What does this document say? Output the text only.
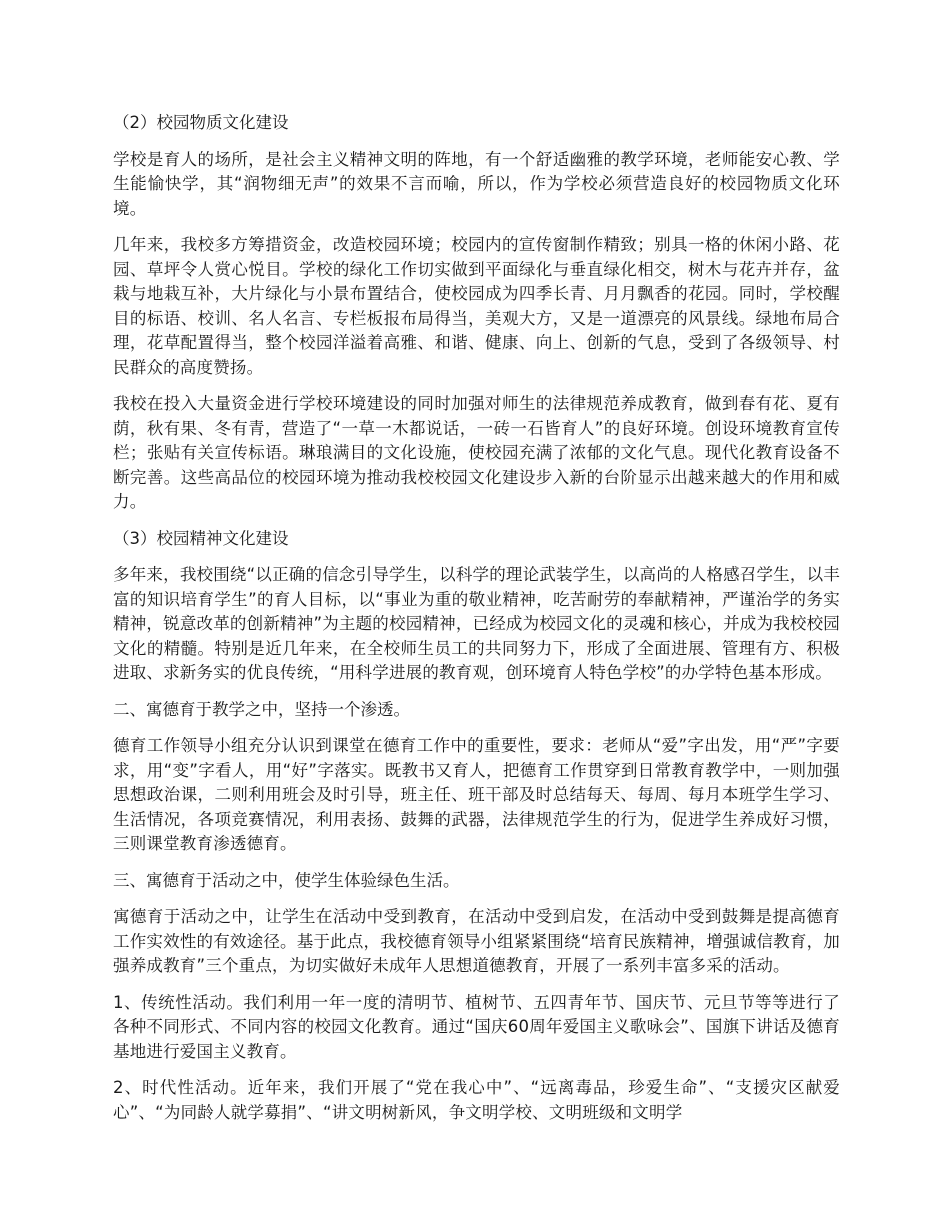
（2）校园物质文化建设

学校是育人的场所，是社会主义精神文明的阵地，有一个舒适幽雅的教学环境，老师能安心教、学生能愉快学，其“润物细无声”的效果不言而喻，所以，作为学校必须营造良好的校园物质文化环境。

几年来，我校多方筹措资金，改造校园环境；校园内的宣传窗制作精致；别具一格的休闲小路、花园、草坪令人赏心悦目。学校的绿化工作切实做到平面绿化与垂直绿化相交，树木与花卉并存，盆栽与地栽互补，大片绿化与小景布置结合，使校园成为四季长青、月月飘香的花园。同时，学校醒目的标语、校训、名人名言、专栏板报布局得当，美观大方，又是一道漂亮的风景线。绿地布局合理，花草配置得当，整个校园洋溢着高雅、和谐、健康、向上、创新的气息，受到了各级领导、村民群众的高度赞扬。

我校在投入大量资金进行学校环境建设的同时加强对师生的法律规范养成教育，做到春有花、夏有荫，秋有果、冬有青，营造了“一草一木都说话，一砖一石皆育人”的良好环境。创设环境教育宣传栏；张贴有关宣传标语。琳琅满目的文化设施，使校园充满了浓郁的文化气息。现代化教育设备不断完善。这些高品位的校园环境为推动我校校园文化建设步入新的台阶显示出越来越大的作用和威力。

（3）校园精神文化建设

多年来，我校围绕“以正确的信念引导学生，以科学的理论武装学生，以高尚的人格感召学生，以丰富的知识培育学生”的育人目标，以“事业为重的敬业精神，吃苦耐劳的奉献精神，严谨治学的务实精神，锐意改革的创新精神”为主题的校园精神，已经成为校园文化的灵魂和核心，并成为我校校园文化的精髓。特别是近几年来，在全校师生员工的共同努力下，形成了全面进展、管理有方、积极进取、求新务实的优良传统，“用科学进展的教育观，创环境育人特色学校”的办学特色基本形成。

二、寓德育于教学之中，坚持一个渗透。

德育工作领导小组充分认识到课堂在德育工作中的重要性，要求：老师从“爱”字出发，用“严”字要求，用“变”字看人，用“好”字落实。既教书又育人，把德育工作贯穿到日常教育教学中，一则加强思想政治课，二则利用班会及时引导，班主任、班干部及时总结每天、每周、每月本班学生学习、生活情况，各项竞赛情况，利用表扬、鼓舞的武器，法律规范学生的行为，促进学生养成好习惯，三则课堂教育渗透德育。

三、寓德育于活动之中，使学生体验绿色生活。

寓德育于活动之中，让学生在活动中受到教育，在活动中受到启发，在活动中受到鼓舞是提高德育工作实效性的有效途径。基于此点，我校德育领导小组紧紧围绕“培育民族精神，增强诚信教育，加强养成教育”三个重点，为切实做好未成年人思想道德教育，开展了一系列丰富多采的活动。

1、传统性活动。我们利用一年一度的清明节、植树节、五四青年节、国庆节、元旦节等等进行了各种不同形式、不同内容的校园文化教育。通过“国庆60周年爱国主义歌咏会”、国旗下讲话及德育基地进行爱国主义教育。

2、时代性活动。近年来，我们开展了“党在我心中”、“远离毒品，珍爱生命”、“支援灾区献爱心”、“为同龄人就学募捐”、“讲文明树新风，争文明学校、文明班级和文明学
